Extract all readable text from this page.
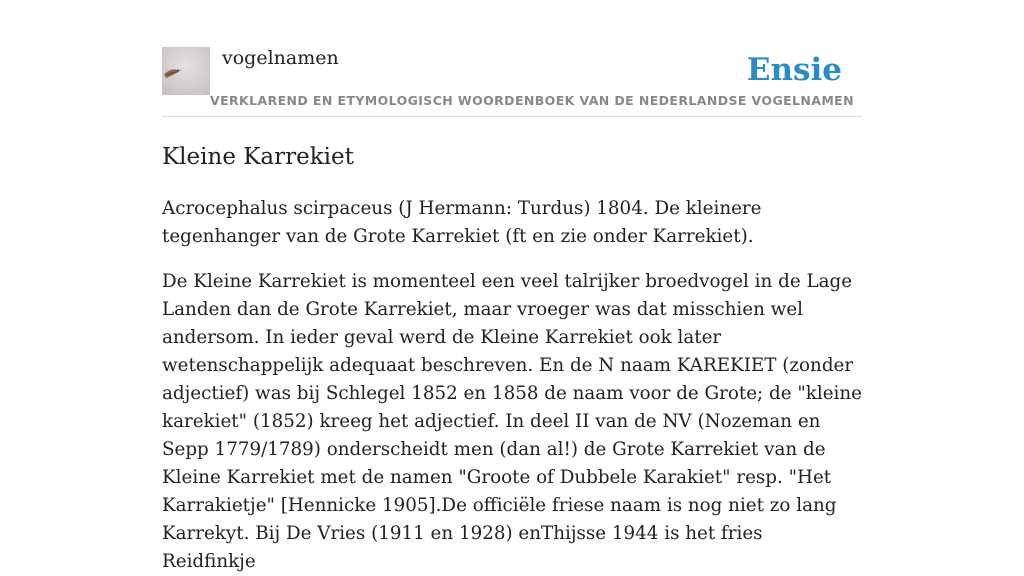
vogelnamen	Ensie
VERKLAREND EN ETYMOLOGISCH WOORDENBOEK VAN DE NEDERLANDSE VOGELNAMEN
Kleine Karrekiet

Acrocephalus scirpaceus (J Hermann: Turdus) 1804. De kleinere tegenhanger van de Grote Karrekiet (ft en zie onder Karrekiet).

De Kleine Karrekiet is momenteel een veel talrijker broedvogel in de Lage Landen dan de Grote Karrekiet, maar vroeger was dat misschien wel andersom. In ieder geval werd de Kleine Karrekiet ook later wetenschappelijk adequaat beschreven. En de N naam KAREKIET (zonder adjectief) was bij Schlegel 1852 en 1858 de naam voor de Grote; de "kleine karekiet" (1852) kreeg het adjectief. In deel II van de NV (Nozeman en Sepp 1779/1789) onderscheidt men (dan al!) de Grote Karrekiet van de Kleine Karrekiet met de namen "Groote of Dubbele Karakiet" resp. "Het Karrakietje" [Hennicke 1905].De officiële friese naam is nog niet zo lang Karrekyt. Bij De Vries (1911 en 1928) enThijsse 1944 is het fries Reidfinkje
